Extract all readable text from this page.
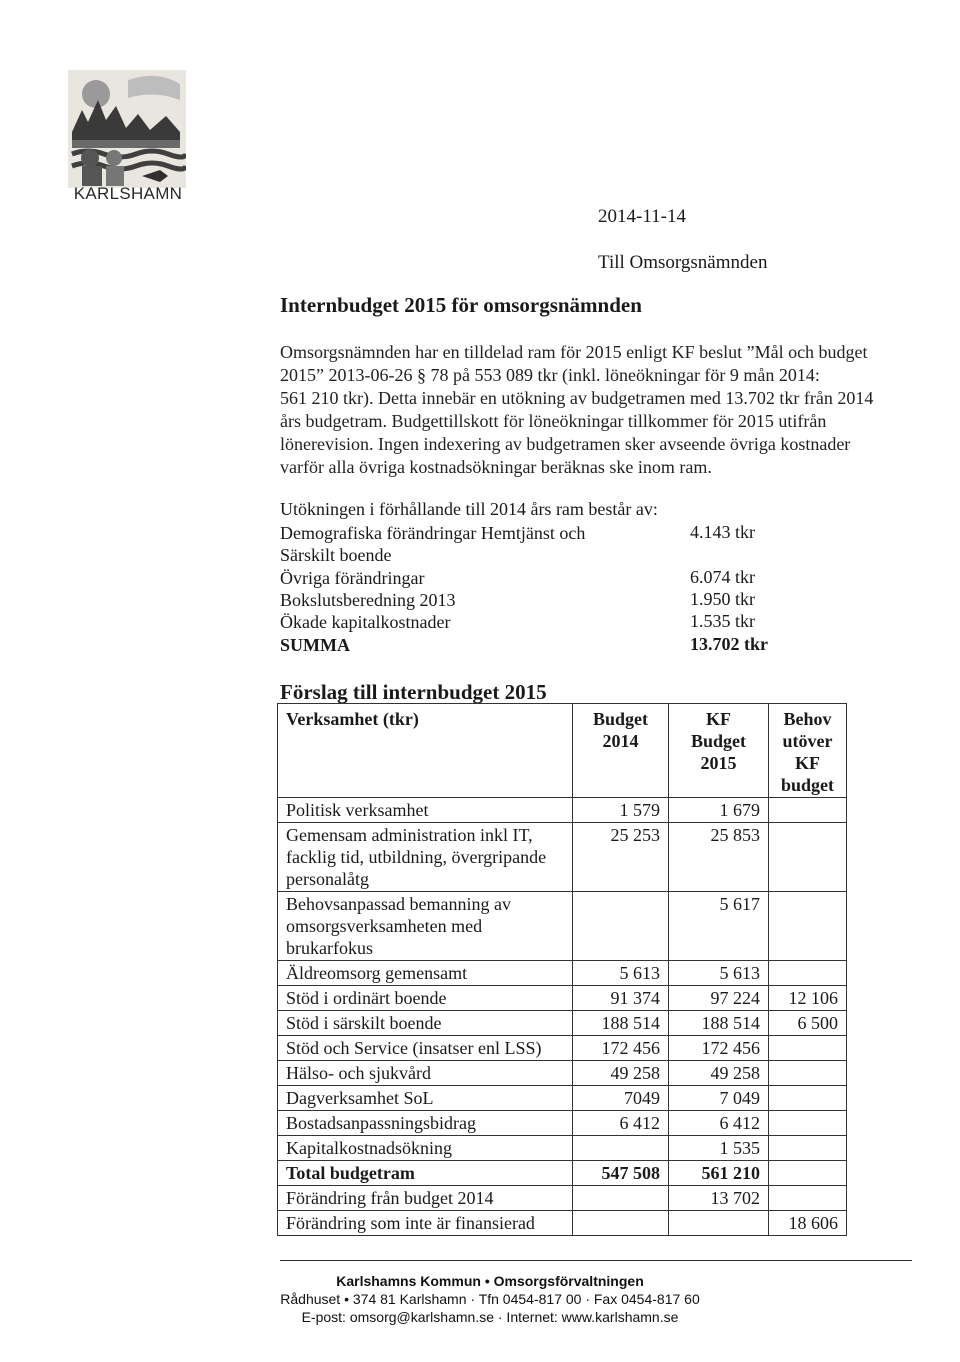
KARLSHAMN
2014-11-14
Till Omsorgsnämnden
Internbudget 2015 för omsorgsnämnden
Omsorgsnämnden har en tilldelad ram för 2015 enligt KF beslut ”Mål och budget
2015” 2013-06-26 § 78 på 553 089 tkr (inkl. löneökningar för 9 mån 2014:
561 210 tkr). Detta innebär en utökning av budgetramen med 13.702 tkr från 2014
års budgetram. Budgettillskott för löneökningar tillkommer för 2015 utifrån
lönerevision. Ingen indexering av budgetramen sker avseende övriga kostnader
varför alla övriga kostnadsökningar beräknas ske inom ram.
Utökningen i förhållande till 2014 års ram består av:
Demografiska förändringar Hemtjänst och	4.143 tkr
Särskilt boende
Övriga förändringar	6.074 tkr
Bokslutsberedning 2013	1.950 tkr
Ökade kapitalkostnader	1.535 tkr
SUMMA	13.702 tkr
Förslag till internbudget 2015
Verksamhet (tkr)	Budget 2014	KF Budget 2015	Behov utöver KF budget
Politisk verksamhet	1 579	1 679	
Gemensam administration inkl IT, facklig tid, utbildning, övergripande personalåtg	25 253	25 853	
Behovsanpassad bemanning av omsorgsverksamheten med brukarfokus		5 617	
Äldreomsorg gemensamt	5 613	5 613	
Stöd i ordinärt boende	91 374	97 224	12 106
Stöd i särskilt boende	188 514	188 514	6 500
Stöd och Service (insatser enl LSS)	172 456	172 456	
Hälso- och sjukvård	49 258	49 258	
Dagverksamhet SoL	7049	7 049	
Bostadsanpassningsbidrag	6 412	6 412	
Kapitalkostnadsökning		1 535	
Total budgetram	547 508	561 210	
Förändring från budget 2014		13 702	
Förändring som inte är finansierad			18 606
Karlshamns Kommun • Omsorgsförvaltningen
Rådhuset • 374 81 Karlshamn · Tfn 0454-817 00 · Fax 0454-817 60
E-post: omsorg@karlshamn.se · Internet: www.karlshamn.se
